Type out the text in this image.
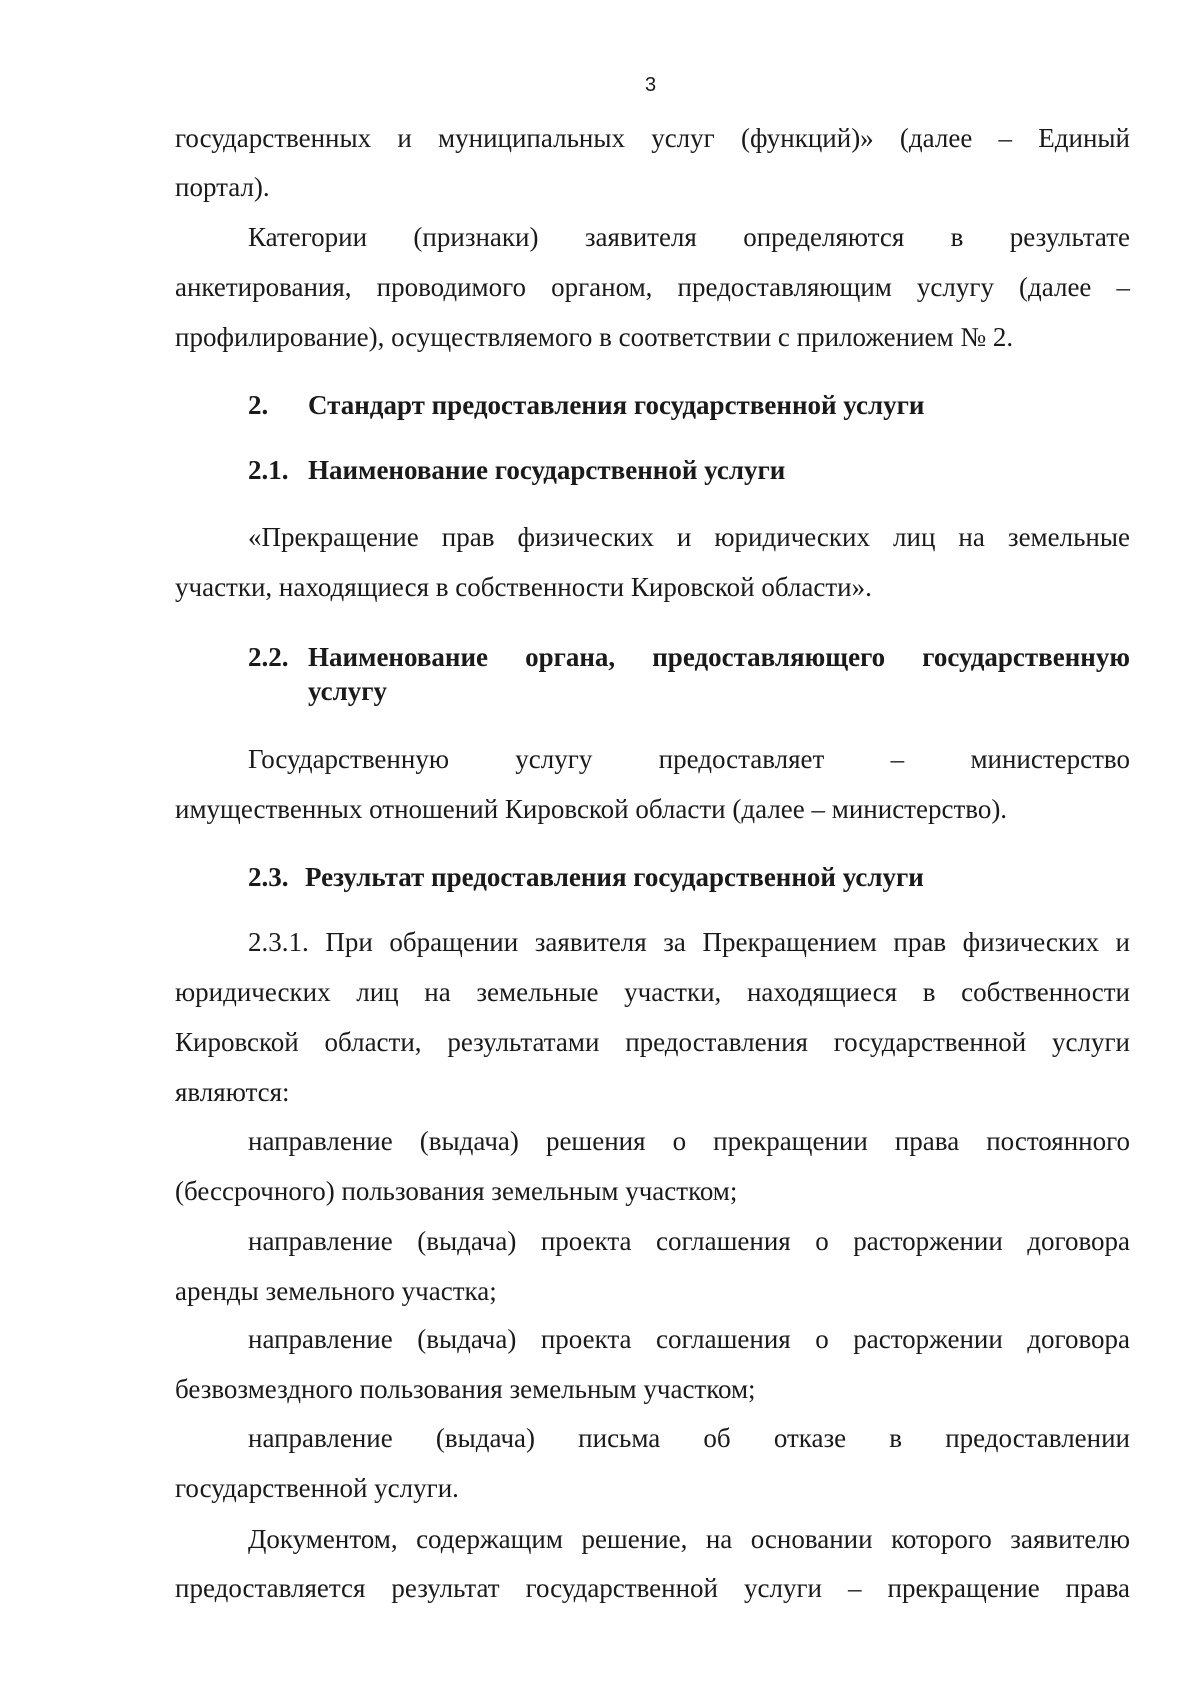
3
государственных и муниципальных услуг (функций)» (далее – Единый
портал).
Категории (признаки) заявителя определяются в результате
анкетирования, проводимого органом, предоставляющим услугу (далее –
профилирование), осуществляемого в соответствии с приложением № 2.
2. Стандарт предоставления государственной услуги
2.1. Наименование государственной услуги
«Прекращение прав физических и юридических лиц на земельные
участки, находящиеся в собственности Кировской области».
2.2. Наименование органа, предоставляющего государственную
услугу
Государственную услугу предоставляет – министерство
имущественных отношений Кировской области (далее – министерство).
2.3. Результат предоставления государственной услуги
2.3.1. При обращении заявителя за Прекращением прав физических и
юридических лиц на земельные участки, находящиеся в собственности
Кировской области, результатами предоставления государственной услуги
являются:
направление (выдача) решения о прекращении права постоянного
(бессрочного) пользования земельным участком;
направление (выдача) проекта соглашения о расторжении договора
аренды земельного участка;
направление (выдача) проекта соглашения о расторжении договора
безвозмездного пользования земельным участком;
направление (выдача) письма об отказе в предоставлении
государственной услуги.
Документом, содержащим решение, на основании которого заявителю
предоставляется результат государственной услуги – прекращение права
